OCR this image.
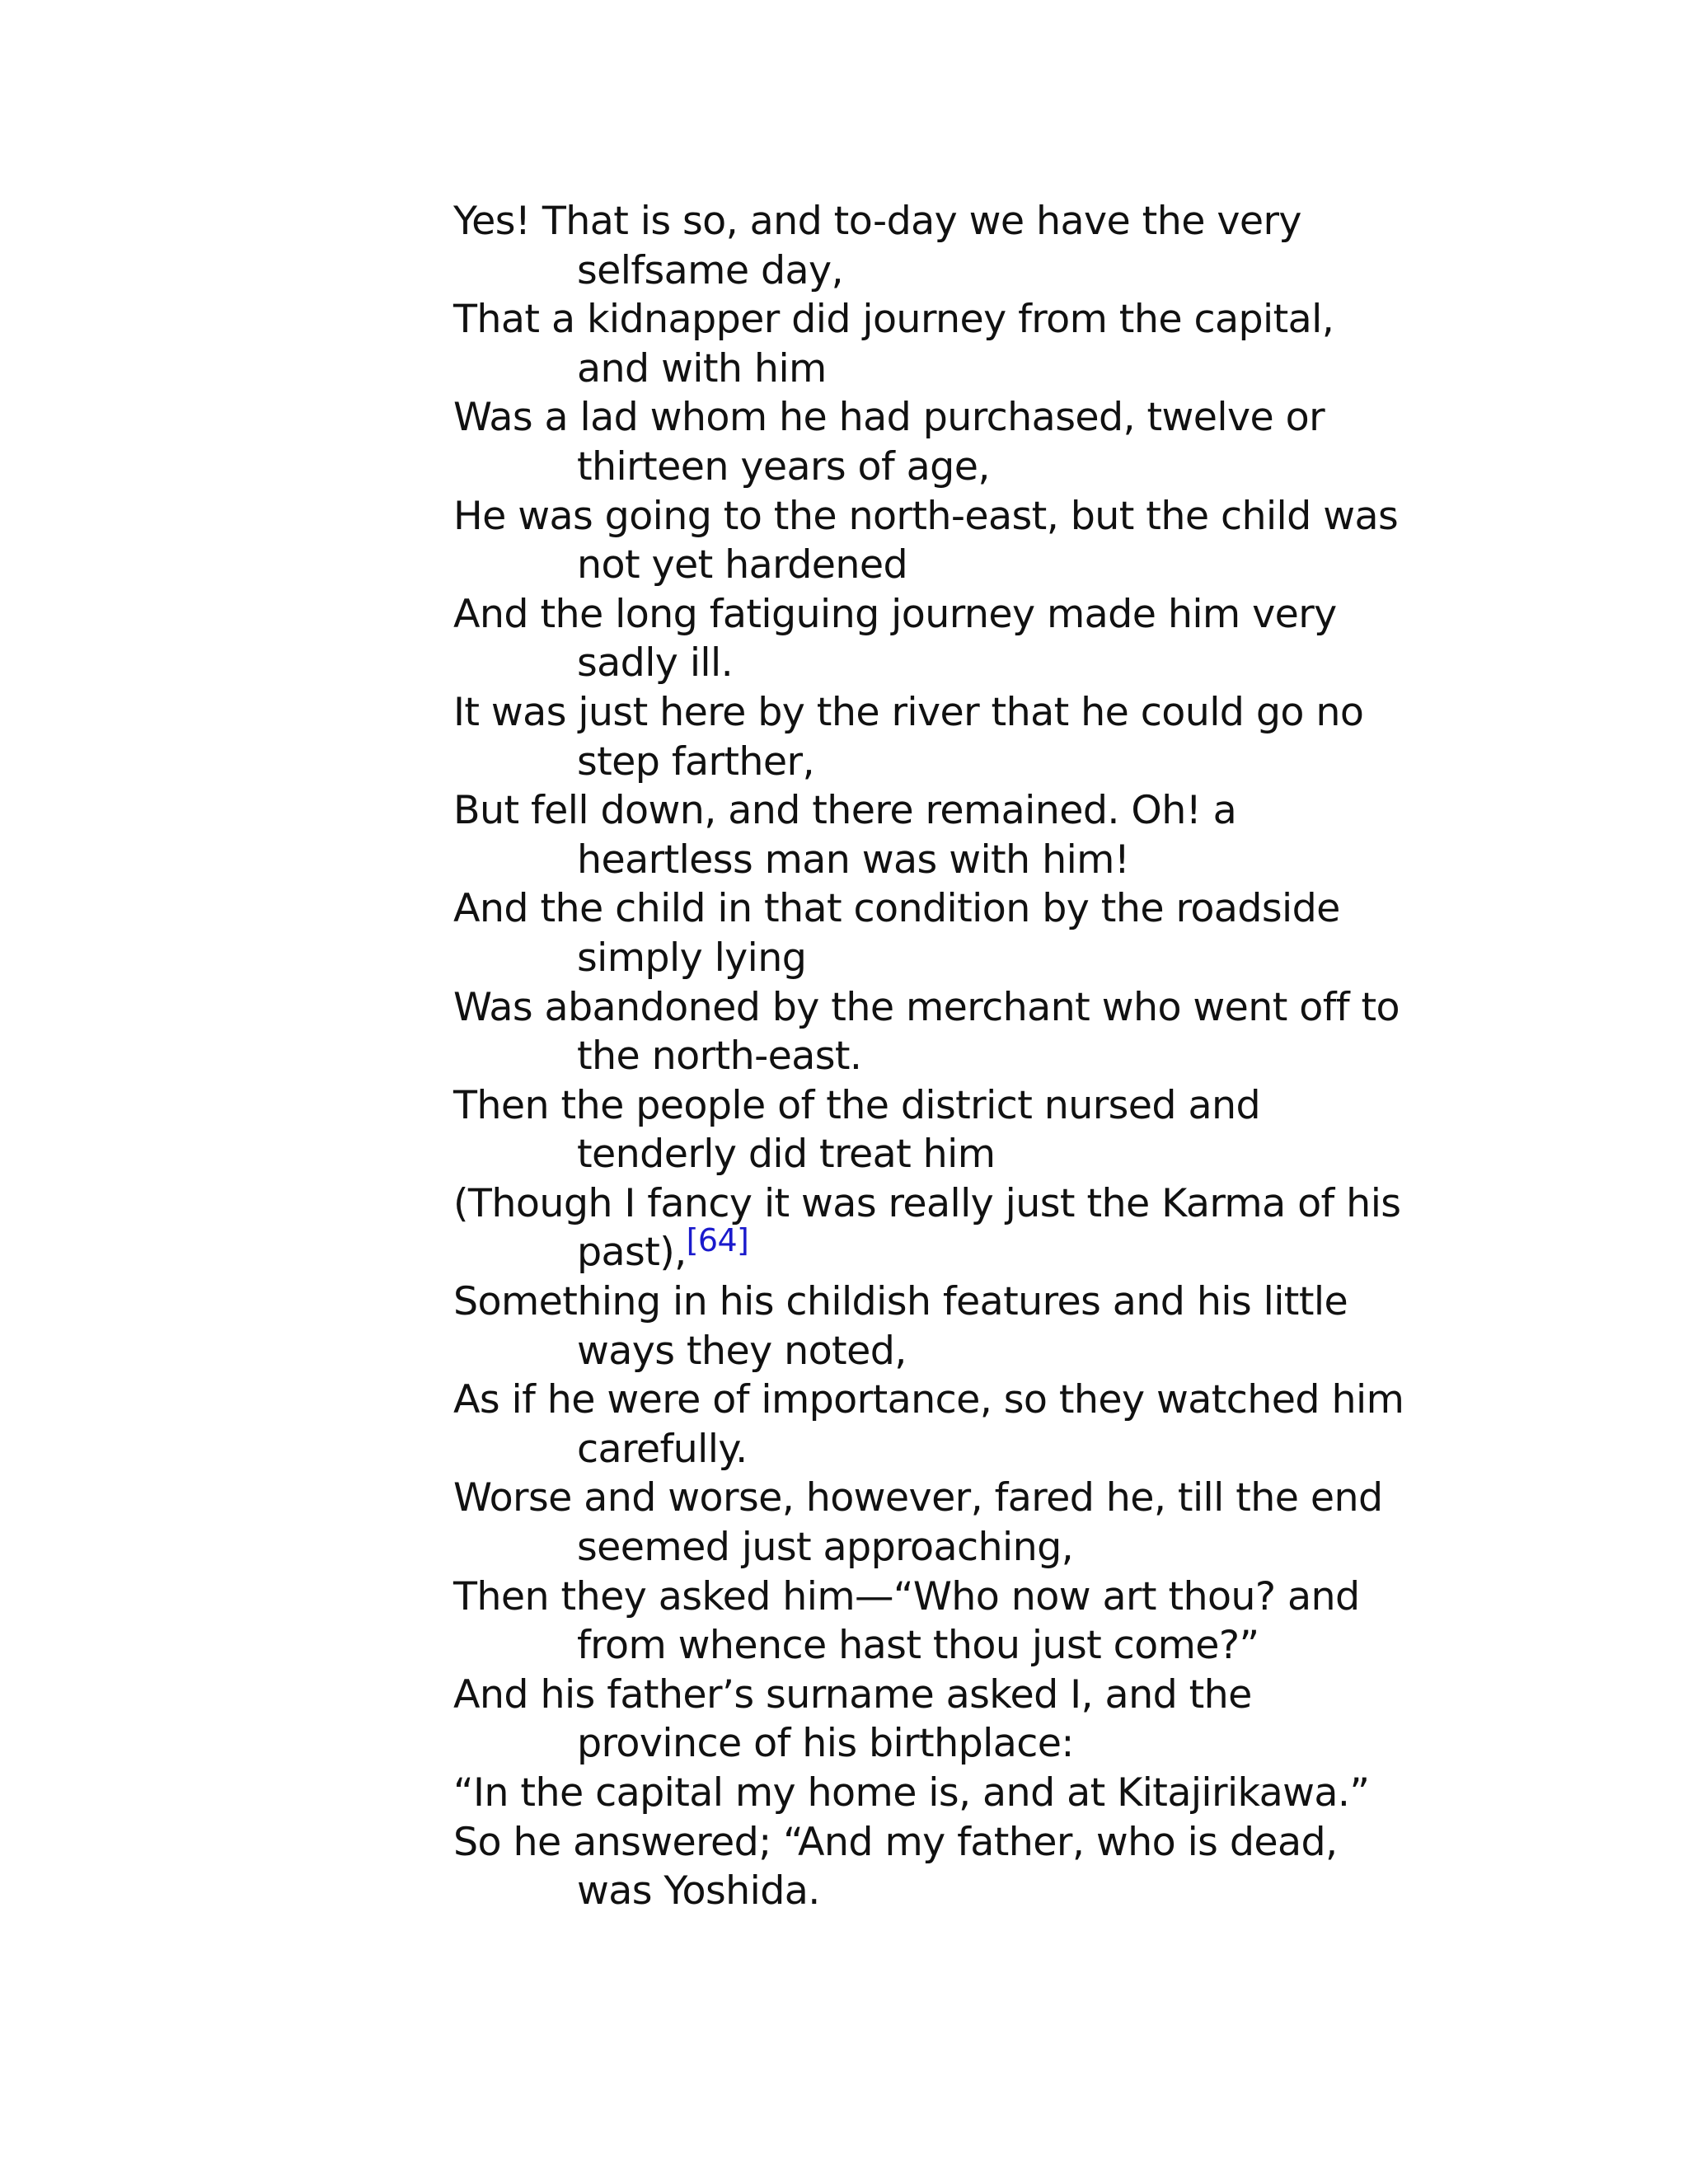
Yes! That is so, and to-day we have the very selfsame day,

That a kidnapper did journey from the capital, and with him

Was a lad whom he had purchased, twelve or thirteen years of age,

He was going to the north-east, but the child was not yet hardened

And the long fatiguing journey made him very sadly ill.

It was just here by the river that he could go no step farther,

But fell down, and there remained. Oh! a heartless man was with him!

And the child in that condition by the roadside simply lying

Was abandoned by the merchant who went off to the north-east.

Then the people of the district nursed and tenderly did treat him

(Though I fancy it was really just the Karma of his past),[64]

Something in his childish features and his little ways they noted,

As if he were of importance, so they watched him carefully.

Worse and worse, however, fared he, till the end seemed just approaching,

Then they asked him—“Who now art thou? and from whence hast thou just come?”

And his father’s surname asked I, and the province of his birthplace:

“In the capital my home is, and at Kitajirikawa.”

So he answered; “And my father, who is dead, was Yoshida.
